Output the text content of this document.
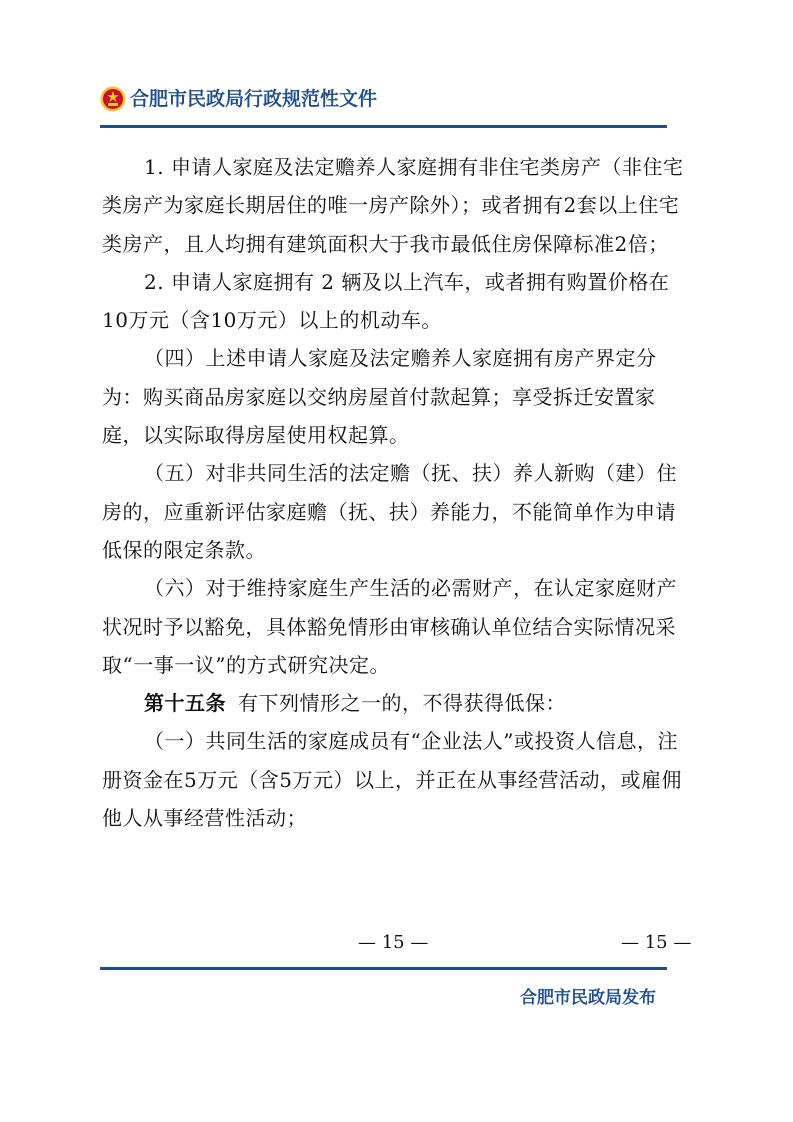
合肥市民政局行政规范性文件

1. 申请人家庭及法定赡养人家庭拥有非住宅类房产（非住宅类房产为家庭长期居住的唯一房产除外）；或者拥有2套以上住宅类房产，且人均拥有建筑面积大于我市最低住房保障标准2倍；

2. 申请人家庭拥有 2 辆及以上汽车，或者拥有购置价格在10万元（含10万元）以上的机动车。

（四）上述申请人家庭及法定赡养人家庭拥有房产界定分为：购买商品房家庭以交纳房屋首付款起算；享受拆迁安置家庭，以实际取得房屋使用权起算。

（五）对非共同生活的法定赡（抚、扶）养人新购（建）住房的，应重新评估家庭赡（抚、扶）养能力，不能简单作为申请低保的限定条款。

（六）对于维持家庭生产生活的必需财产，在认定家庭财产状况时予以豁免，具体豁免情形由审核确认单位结合实际情况采取“一事一议”的方式研究决定。

第十五条 有下列情形之一的，不得获得低保：

（一）共同生活的家庭成员有“企业法人”或投资人信息，注册资金在5万元（含5万元）以上，并正在从事经营活动，或雇佣他人从事经营性活动；

— 15 —	— 15 —
合肥市民政局发布
